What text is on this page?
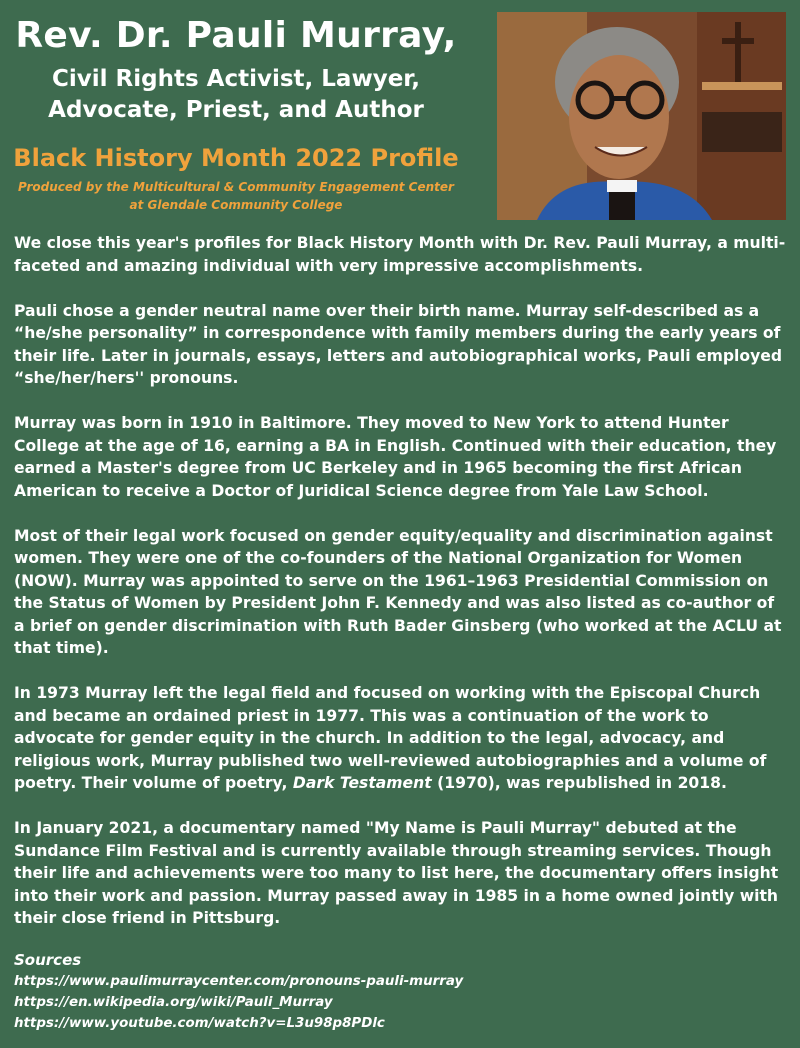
Rev. Dr. Pauli Murray,
Civil Rights Activist, Lawyer,
Advocate, Priest, and Author
Black History Month 2022 Profile
Produced by the Multicultural & Community Engagement Center
at Glendale Community College

We close this year's profiles for Black History Month with Dr. Rev. Pauli Murray, a multi-faceted and amazing individual with very impressive accomplishments.

Pauli chose a gender neutral name over their birth name. Murray self-described as a “he/she personality” in correspondence with family members during the early years of their life. Later in journals, essays, letters and autobiographical works, Pauli employed “she/her/hers'' pronouns.

Murray was born in 1910 in Baltimore. They moved to New York to attend Hunter College at the age of 16, earning a BA in English. Continued with their education, they earned a Master's degree from UC Berkeley and in 1965 becoming the first African American to receive a Doctor of Juridical Science degree from Yale Law School.

Most of their legal work focused on gender equity/equality and discrimination against women. They were one of the co-founders of the National Organization for Women (NOW). Murray was appointed to serve on the 1961–1963 Presidential Commission on the Status of Women by President John F. Kennedy and was also listed as co-author of a brief on gender discrimination with Ruth Bader Ginsberg (who worked at the ACLU at that time).

In 1973 Murray left the legal field and focused on working with the Episcopal Church and became an ordained priest in 1977. This was a continuation of the work to advocate for gender equity in the church. In addition to the legal, advocacy, and religious work, Murray published two well-reviewed autobiographies and a volume of poetry. Their volume of poetry, Dark Testament (1970), was republished in 2018.

In January 2021, a documentary named "My Name is Pauli Murray" debuted at the Sundance Film Festival and is currently available through streaming services. Though their life and achievements were too many to list here, the documentary offers insight into their work and passion. Murray passed away in 1985 in a home owned jointly with their close friend in Pittsburg.

Sources
https://www.paulimurraycenter.com/pronouns-pauli-murray
https://en.wikipedia.org/wiki/Pauli_Murray
https://www.youtube.com/watch?v=L3u98p8PDlc
